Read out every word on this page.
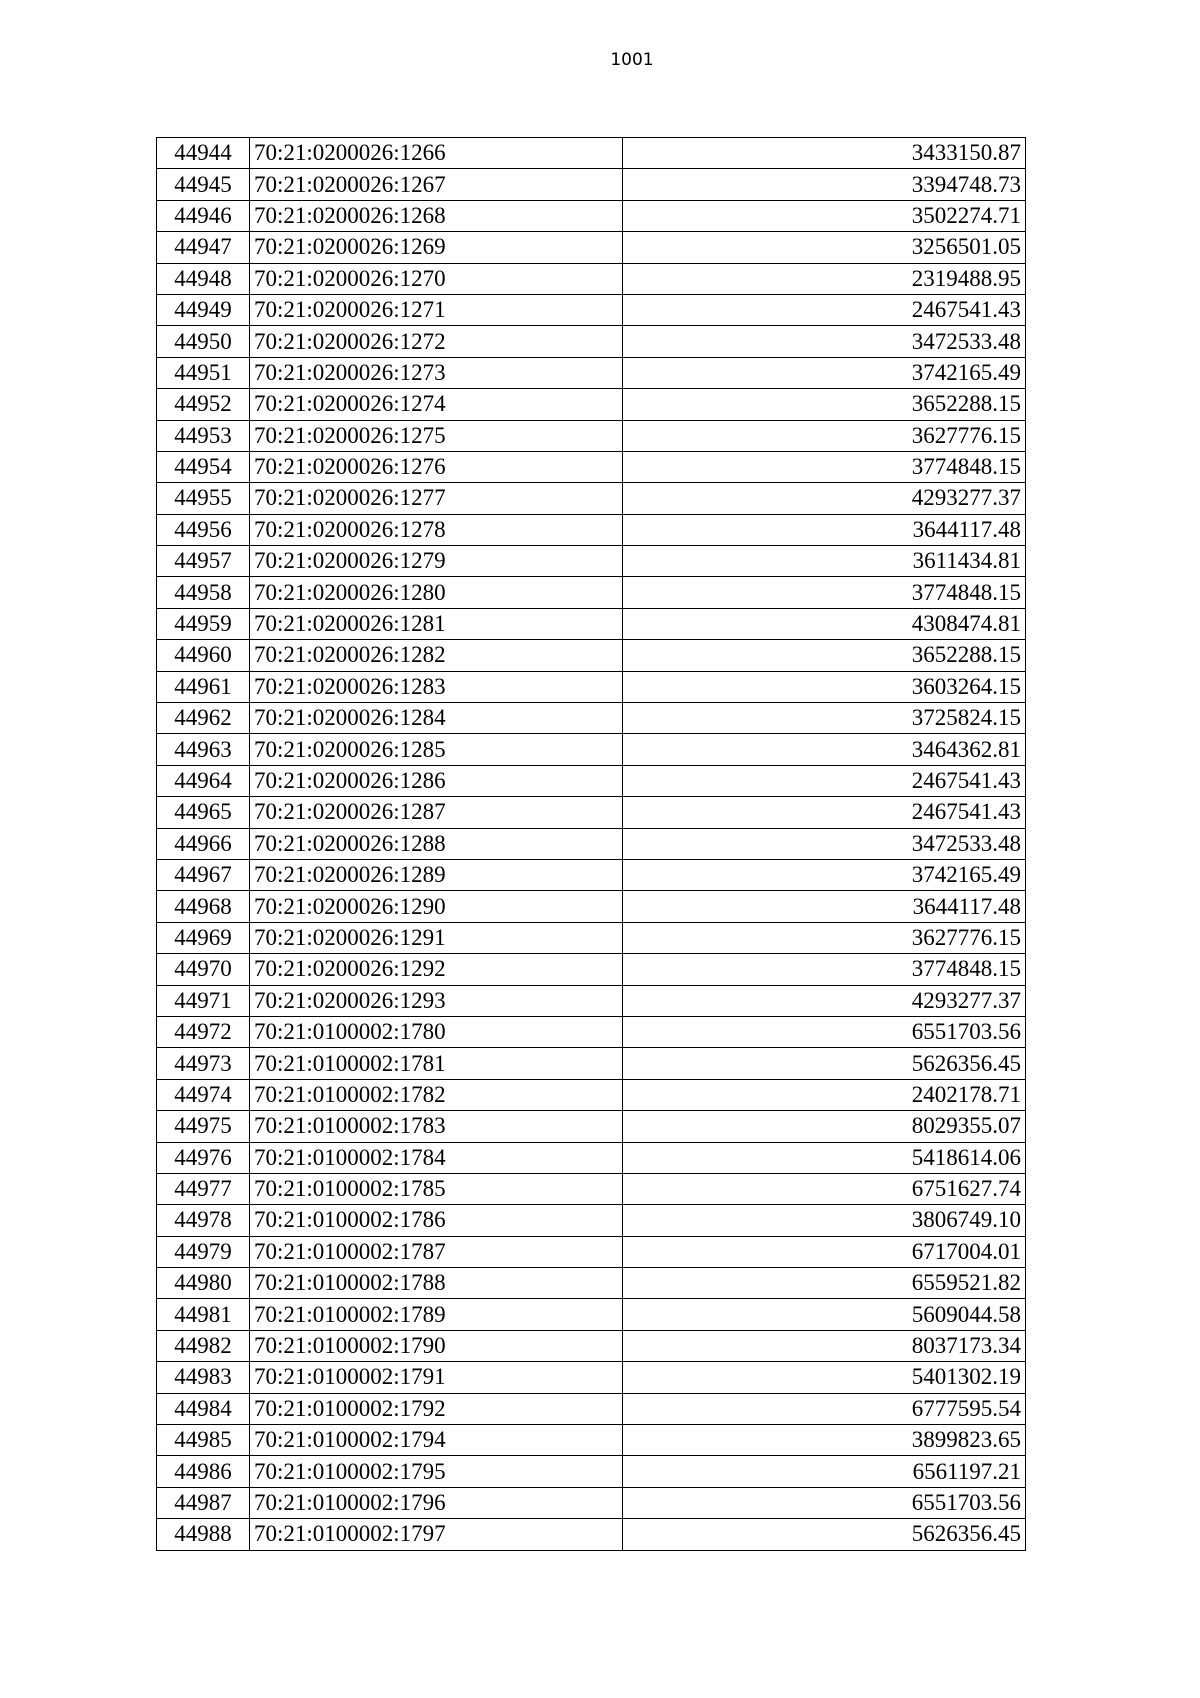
1001
44944	70:21:0200026:1266	3433150.87
44945	70:21:0200026:1267	3394748.73
44946	70:21:0200026:1268	3502274.71
44947	70:21:0200026:1269	3256501.05
44948	70:21:0200026:1270	2319488.95
44949	70:21:0200026:1271	2467541.43
44950	70:21:0200026:1272	3472533.48
44951	70:21:0200026:1273	3742165.49
44952	70:21:0200026:1274	3652288.15
44953	70:21:0200026:1275	3627776.15
44954	70:21:0200026:1276	3774848.15
44955	70:21:0200026:1277	4293277.37
44956	70:21:0200026:1278	3644117.48
44957	70:21:0200026:1279	3611434.81
44958	70:21:0200026:1280	3774848.15
44959	70:21:0200026:1281	4308474.81
44960	70:21:0200026:1282	3652288.15
44961	70:21:0200026:1283	3603264.15
44962	70:21:0200026:1284	3725824.15
44963	70:21:0200026:1285	3464362.81
44964	70:21:0200026:1286	2467541.43
44965	70:21:0200026:1287	2467541.43
44966	70:21:0200026:1288	3472533.48
44967	70:21:0200026:1289	3742165.49
44968	70:21:0200026:1290	3644117.48
44969	70:21:0200026:1291	3627776.15
44970	70:21:0200026:1292	3774848.15
44971	70:21:0200026:1293	4293277.37
44972	70:21:0100002:1780	6551703.56
44973	70:21:0100002:1781	5626356.45
44974	70:21:0100002:1782	2402178.71
44975	70:21:0100002:1783	8029355.07
44976	70:21:0100002:1784	5418614.06
44977	70:21:0100002:1785	6751627.74
44978	70:21:0100002:1786	3806749.10
44979	70:21:0100002:1787	6717004.01
44980	70:21:0100002:1788	6559521.82
44981	70:21:0100002:1789	5609044.58
44982	70:21:0100002:1790	8037173.34
44983	70:21:0100002:1791	5401302.19
44984	70:21:0100002:1792	6777595.54
44985	70:21:0100002:1794	3899823.65
44986	70:21:0100002:1795	6561197.21
44987	70:21:0100002:1796	6551703.56
44988	70:21:0100002:1797	5626356.45
